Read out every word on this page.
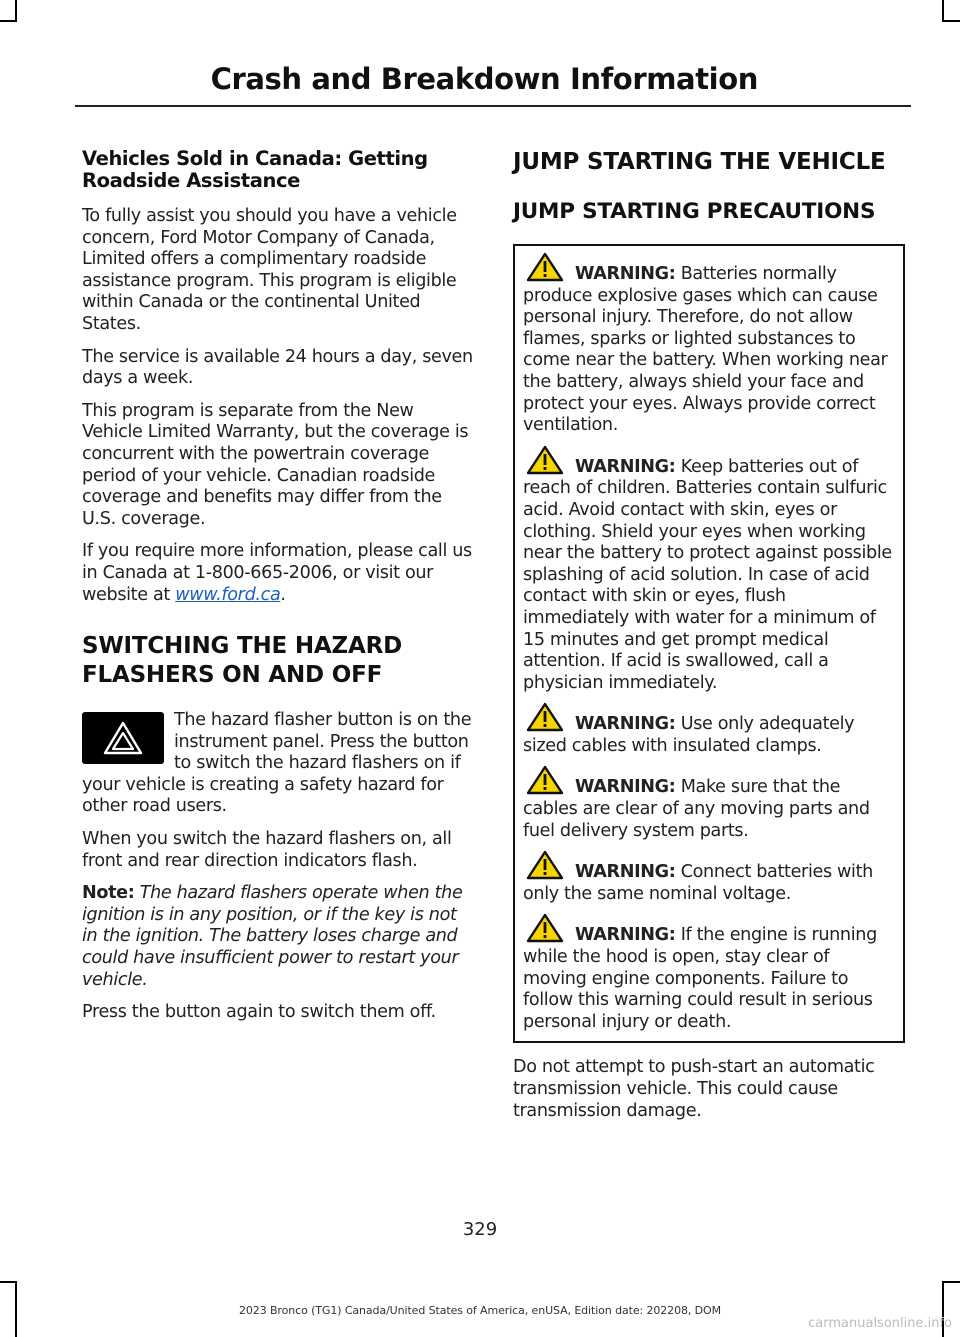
Crash and Breakdown Information
Vehicles Sold in Canada: Getting Roadside Assistance

To fully assist you should you have a vehicle concern, Ford Motor Company of Canada, Limited offers a complimentary roadside assistance program. This program is eligible within Canada or the continental United States.

The service is available 24 hours a day, seven days a week.

This program is separate from the New Vehicle Limited Warranty, but the coverage is concurrent with the powertrain coverage period of your vehicle. Canadian roadside coverage and benefits may differ from the U.S. coverage.

If you require more information, please call us in Canada at 1-800-665-2006, or visit our website at www.ford.ca.

SWITCHING THE HAZARD
FLASHERS ON AND OFF

The hazard flasher button is on the instrument panel. Press the button to switch the hazard flashers on if your vehicle is creating a safety hazard for other road users.

When you switch the hazard flashers on, all front and rear direction indicators flash.

Note: The hazard flashers operate when the ignition is in any position, or if the key is not in the ignition. The battery loses charge and could have insufficient power to restart your vehicle.

Press the button again to switch them off.

JUMP STARTING THE VEHICLE
JUMP STARTING PRECAUTIONS

WARNING: Batteries normally produce explosive gases which can cause personal injury. Therefore, do not allow flames, sparks or lighted substances to come near the battery. When working near the battery, always shield your face and protect your eyes. Always provide correct ventilation.

WARNING: Keep batteries out of reach of children. Batteries contain sulfuric acid. Avoid contact with skin, eyes or clothing. Shield your eyes when working near the battery to protect against possible splashing of acid solution. In case of acid contact with skin or eyes, flush immediately with water for a minimum of 15 minutes and get prompt medical attention. If acid is swallowed, call a physician immediately.

WARNING: Use only adequately sized cables with insulated clamps.

WARNING: Make sure that the cables are clear of any moving parts and fuel delivery system parts.

WARNING: Connect batteries with only the same nominal voltage.

WARNING: If the engine is running while the hood is open, stay clear of moving engine components. Failure to follow this warning could result in serious personal injury or death.

Do not attempt to push-start an automatic transmission vehicle. This could cause transmission damage.

329
2023 Bronco (TG1) Canada/United States of America, enUSA, Edition date: 202208, DOM
carmanualsonline.info
